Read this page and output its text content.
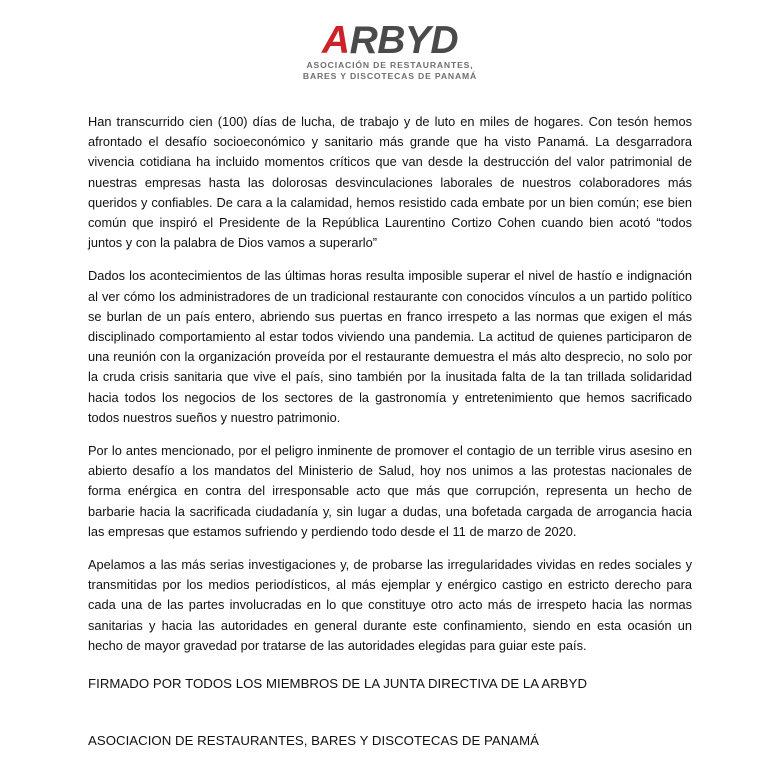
ARBYD
ASOCIACIÓN DE RESTAURANTES,
BARES Y DISCOTECAS DE PANAMÁ

Han transcurrido cien (100) días de lucha, de trabajo y de luto en miles de hogares. Con tesón hemos afrontado el desafío socioeconómico y sanitario más grande que ha visto Panamá. La desgarradora vivencia cotidiana ha incluido momentos críticos que van desde la destrucción del valor patrimonial de nuestras empresas hasta las dolorosas desvinculaciones laborales de nuestros colaboradores más queridos y confiables. De cara a la calamidad, hemos resistido cada embate por un bien común; ese bien común que inspiró el Presidente de la República Laurentino Cortizo Cohen cuando bien acotó “todos juntos y con la palabra de Dios vamos a superarlo”

Dados los acontecimientos de las últimas horas resulta imposible superar el nivel de hastío e indignación al ver cómo los administradores de un tradicional restaurante con conocidos vínculos a un partido político se burlan de un país entero, abriendo sus puertas en franco irrespeto a las normas que exigen el más disciplinado comportamiento al estar todos viviendo una pandemia. La actitud de quienes participaron de una reunión con la organización proveída por el restaurante demuestra el más alto desprecio, no solo por la cruda crisis sanitaria que vive el país, sino también por la inusitada falta de la tan trillada solidaridad hacia todos los negocios de los sectores de la gastronomía y entretenimiento que hemos sacrificado todos nuestros sueños y nuestro patrimonio.

Por lo antes mencionado, por el peligro inminente de promover el contagio de un terrible virus asesino en abierto desafío a los mandatos del Ministerio de Salud, hoy nos unimos a las protestas nacionales de forma enérgica en contra del irresponsable acto que más que corrupción, representa un hecho de barbarie hacia la sacrificada ciudadanía y, sin lugar a dudas, una bofetada cargada de arrogancia hacia las empresas que estamos sufriendo y perdiendo todo desde el 11 de marzo de 2020.

Apelamos a las más serias investigaciones y, de probarse las irregularidades vividas en redes sociales y transmitidas por los medios periodísticos, al más ejemplar y enérgico castigo en estricto derecho para cada una de las partes involucradas en lo que constituye otro acto más de irrespeto hacia las normas sanitarias y hacia las autoridades en general durante este confinamiento, siendo en esta ocasión un hecho de mayor gravedad por tratarse de las autoridades elegidas para guiar este país.

FIRMADO POR TODOS LOS MIEMBROS DE LA JUNTA DIRECTIVA DE LA ARBYD
ASOCIACION DE RESTAURANTES, BARES Y DISCOTECAS DE PANAMÁ
